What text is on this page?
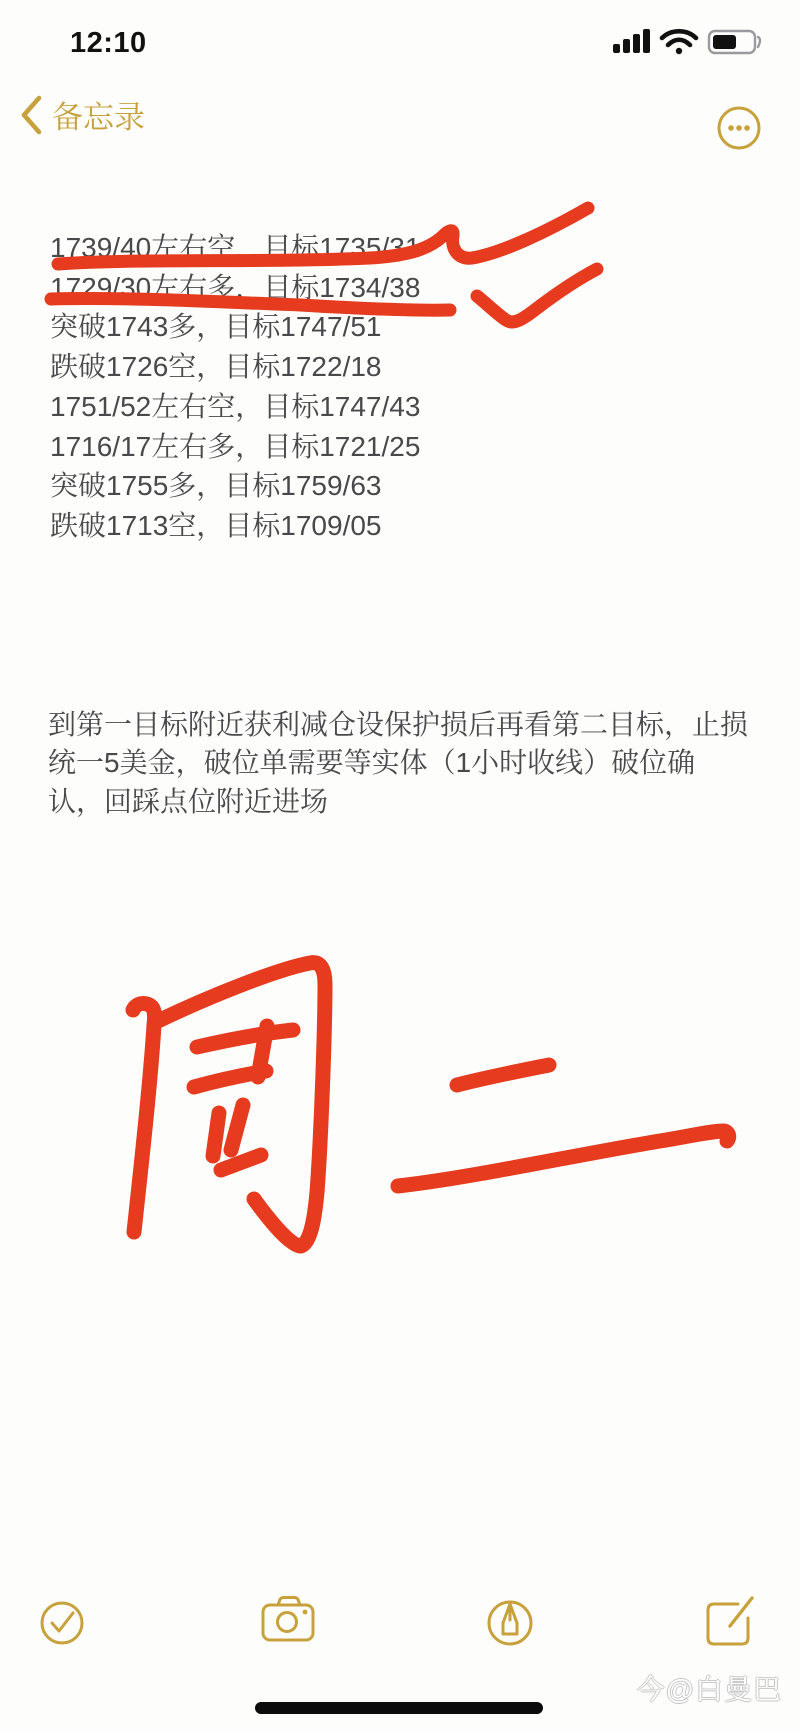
12:10
备忘录
1739/40左右空，目标1735/31
1729/30左右多，目标1734/38
突破1743多，目标1747/51
跌破1726空，目标1722/18
1751/52左右空，目标1747/43
1716/17左右多，目标1721/25
突破1755多，目标1759/63
跌破1713空，目标1709/05
到第一目标附近获利减仓设保护损后再看第二目标，止损
统一5美金，破位单需要等实体（1小时收线）破位确
认，回踩点位附近进场
今@白曼巴
